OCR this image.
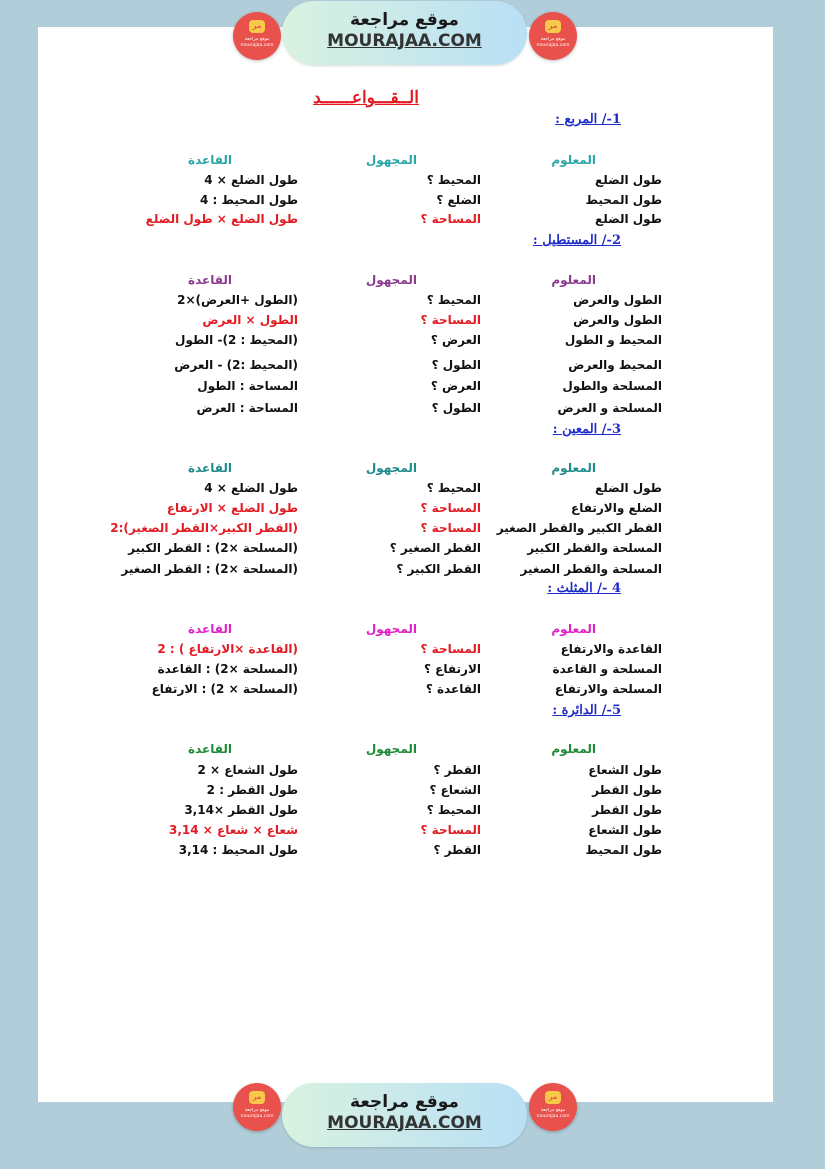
ﻣﺮ
موقع مراجعة
mourajaa.com
موقع مراجعة
MOURAJAA.COM
ﻣﺮ
موقع مراجعة
mourajaa.com
ﻣﺮ
موقع مراجعة
mourajaa.com
موقع مراجعة
MOURAJAA.COM
ﻣﺮ
موقع مراجعة
mourajaa.com
الــقـــواعــــــد
1-/ المربع :
المعلوم
المجهول
القاعدة
طول الضلع
المحيط ؟
طول الضلع × 4
طول المحيط
الضلع ؟
طول المحيط : 4
طول الضلع
المساحة ؟
طول الضلع × طول الضلع
2-/ المستطيل :
المعلوم
المجهول
القاعدة
الطول والعرض
المحيط ؟
(الطول +العرض)×2
الطول والعرض
المساحة ؟
الطول × العرض
المحيط و الطول
العرض ؟
(المحيط : 2)- الطول
المحيط والعرض
الطول ؟
(المحيط :2) - العرض
المسلحة والطول
العرض ؟
المساحة : الطول
المسلحة و العرض
الطول ؟
المساحة : العرض
3-/ المعين :
المعلوم
المجهول
القاعدة
طول الضلع
المحيط ؟
طول الضلع × 4
الضلع والارتفاع
المساحة ؟
طول الضلع × الارتفاع
القطر الكبير والقطر الصغير
المساحة ؟
(القطر الكبير×القطر الصغير):2
المسلحة والقطر الكبير
القطر الصغير ؟
(المسلحة ×2) : القطر الكبير
المسلحة والقطر الصغير
القطر الكبير ؟
(المسلحة ×2) : القطر الصغير
4 -/ المثلث :
المعلوم
المجهول
القاعدة
القاعدة والارتفاع
المساحة ؟
(القاعدة ×الارتفاع ) : 2
المسلحة و القاعدة
الارتفاع ؟
(المسلحة ×2) : القاعدة
المسلحة والارتفاع
القاعدة ؟
(المسلحة × 2) : الارتفاع
5-/ الدائرة :
المعلوم
المجهول
القاعدة
طول الشعاع
القطر ؟
طول الشعاع × 2
طول القطر
الشعاع ؟
طول القطر : 2
طول القطر
المحيط ؟
طول القطر ×3,14
طول الشعاع
المساحة ؟
شعاع × شعاع × 3,14
طول المحيط
القطر ؟
طول المحيط : 3,14
